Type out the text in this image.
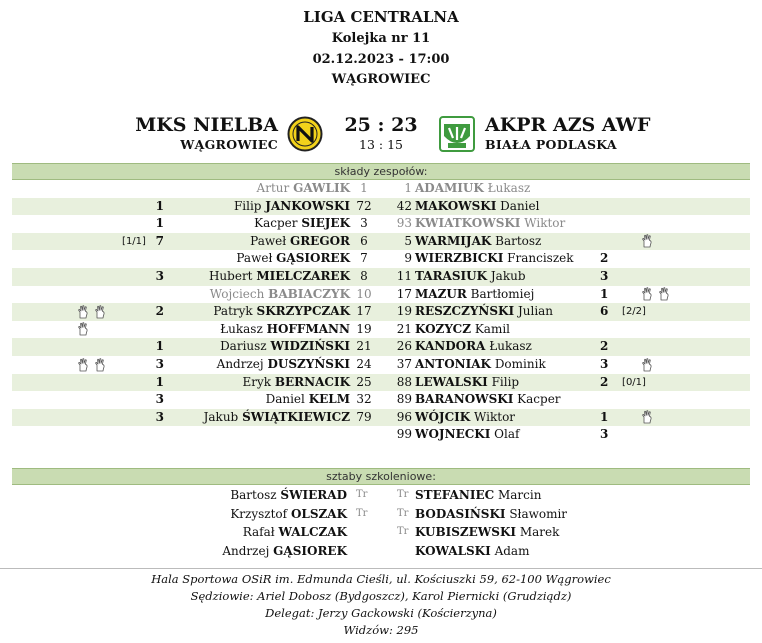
LIGA CENTRALNA
Kolejka nr 11
02.12.2023 - 17:00
WĄGROWIEC
MKS NIELBA
WĄGROWIEC
25 : 23
13 : 15
AKPR AZS AWF
BIAŁA PODLASKA
składy zespołów:
Artur GAWLIK 1	1 ADAMIUK Łukasz
1	Filip JANKOWSKI 72	42 MAKOWSKI Daniel
1	Kacper SIEJEK 3	93 KWIATKOWSKI Wiktor
[1/1] 7	Paweł GREGOR 6	5 WARMIJAK Bartosz
Paweł GĄSIOREK 7	9 WIERZBICKI Franciszek 2
3	Hubert MIELCZAREK 8	11 TARASIUK Jakub	3
Wojciech BABIACZYK 10	17 MAZUR Bartłomiej	1
2	Patryk SKRZYPCZAK 17	19 RESZCZYŃSKI Julian	6	[2/2]
Łukasz HOFFMANN 19	21 KOZYCZ Kamil
1	Dariusz WIDZIŃSKI 21	26 KANDORA Łukasz	2
3	Andrzej DUSZYŃSKI 24	37 ANTONIAK Dominik	3
1	Eryk BERNACIK 25	88 LEWALSKI Filip	2	[0/1]
3	Daniel KELM 32	89 BARANOWSKI Kacper
3	Jakub ŚWIĄTKIEWICZ 79	96 WÓJCIK Wiktor	1
99 WOJNECKI Olaf	3
sztaby szkoleniowe:
Bartosz ŚWIERAD Tr	Tr STEFANIEC Marcin
Krzysztof OLSZAK Tr	Tr BODASIŃSKI Sławomir
Rafał WALCZAK	Tr KUBISZEWSKI Marek
Andrzej GĄSIOREK	KOWALSKI Adam
Hala Sportowa OSiR im. Edmunda Cieśli, ul. Kościuszki 59, 62-100 Wągrowiec
Sędziowie: Ariel Dobosz (Bydgoszcz), Karol Piernicki (Grudziądz)
Delegat: Jerzy Gackowski (Kościerzyna)
Widzów: 295
